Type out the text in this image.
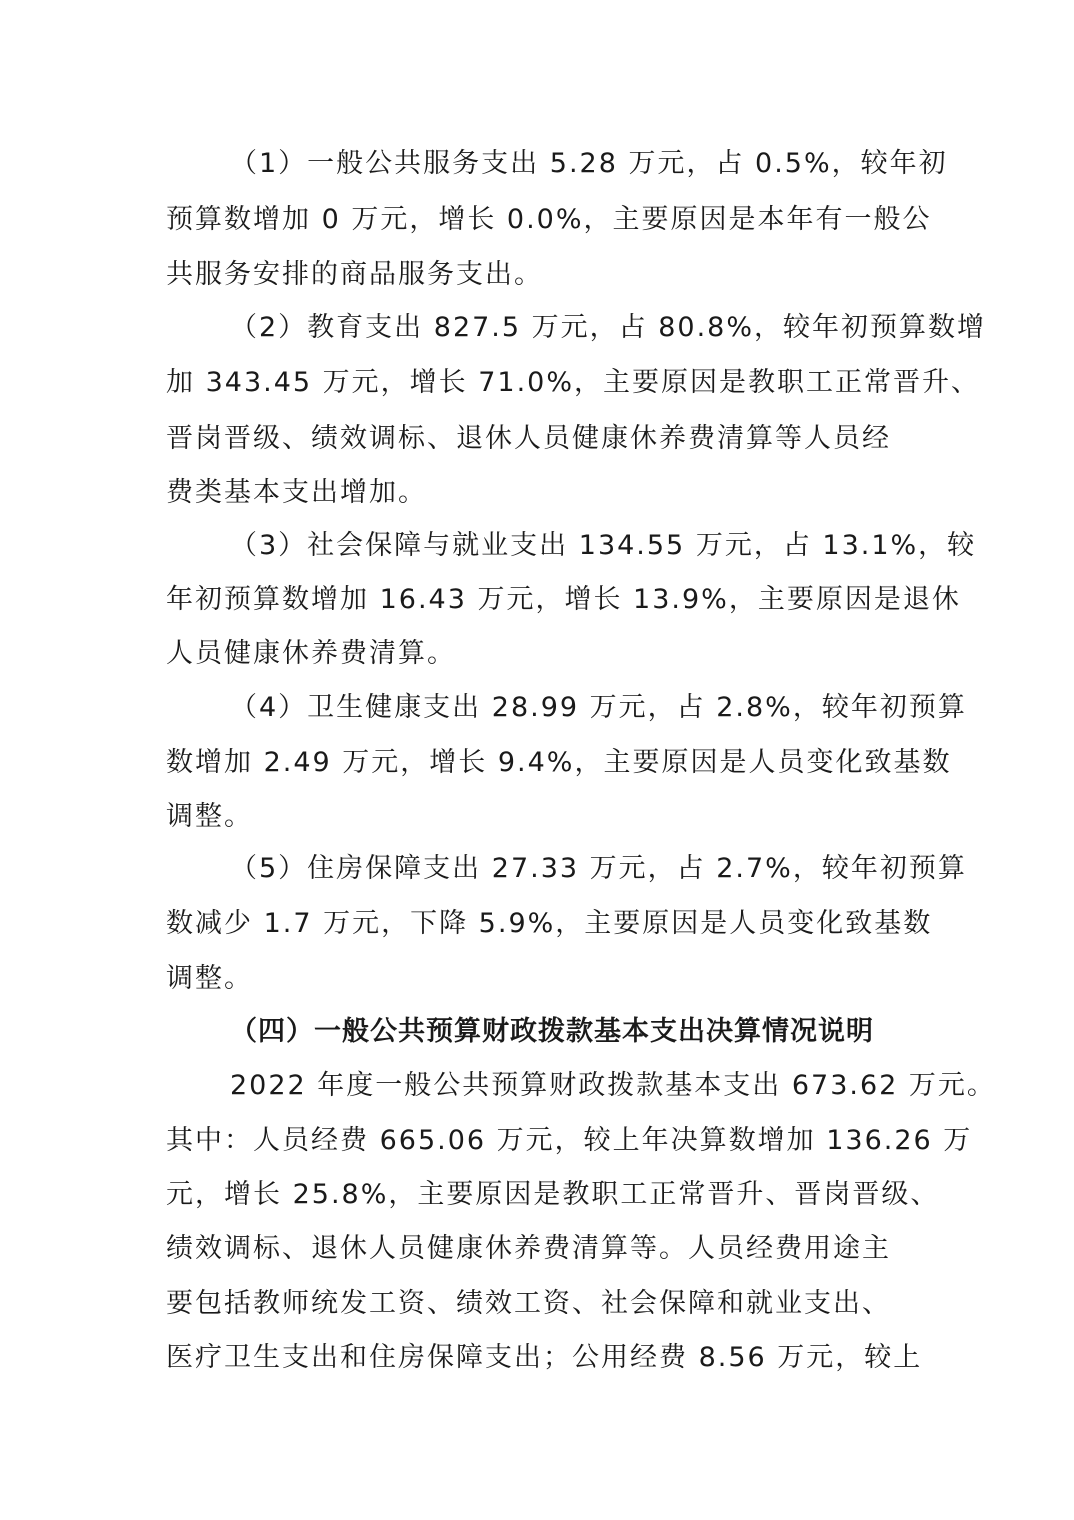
（1）一般公共服务支出 5.28 万元，占 0.5%，较年初
预算数增加 0 万元，增长 0.0%，主要原因是本年有一般公
共服务安排的商品服务支出。
（2）教育支出 827.5 万元，占 80.8%，较年初预算数增
加 343.45 万元，增长 71.0%，主要原因是教职工正常晋升、
晋岗晋级、绩效调标、退休人员健康休养费清算等人员经
费类基本支出增加。
（3）社会保障与就业支出 134.55 万元，占 13.1%，较
年初预算数增加 16.43 万元，增长 13.9%，主要原因是退休
人员健康休养费清算。
（4）卫生健康支出 28.99 万元，占 2.8%，较年初预算
数增加 2.49 万元，增长 9.4%，主要原因是人员变化致基数
调整。
（5）住房保障支出 27.33 万元，占 2.7%，较年初预算
数减少 1.7 万元，下降 5.9%，主要原因是人员变化致基数
调整。
（四）一般公共预算财政拨款基本支出决算情况说明
2022 年度一般公共预算财政拨款基本支出 673.62 万元。
其中：人员经费 665.06 万元，较上年决算数增加 136.26 万
元，增长 25.8%，主要原因是教职工正常晋升、晋岗晋级、
绩效调标、退休人员健康休养费清算等。人员经费用途主
要包括教师统发工资、绩效工资、社会保障和就业支出、
医疗卫生支出和住房保障支出；公用经费 8.56 万元，较上
